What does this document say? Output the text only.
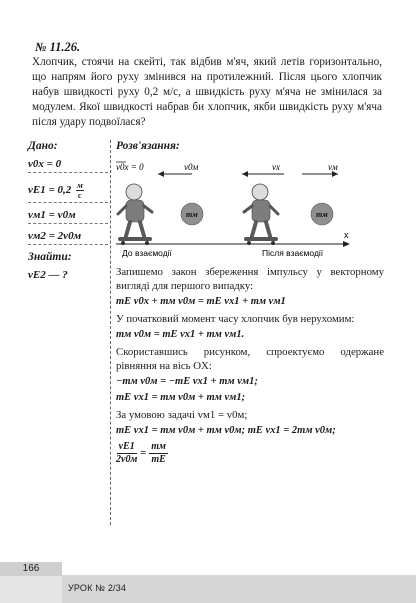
№ 11.26.
Хлопчик, стоячи на скейті, так відбив м'яч, який летів горизонтально, що напрям його руху змінився на протилежний. Після цього хлопчик набув швидкості руху 0,2 м/с, а швидкість руху м'яча не змінилася за модулем. Якої швидкості набрав би хлопчик, якби швидкість руху м'яча після удару подвоїлася?
Дано:
v0x = 0
$vE1 = 0,2 \frac{м}{с}$
vм1 = v0м
vм2 = 2v0м
Знайти:
vE2 — ?
Розв'язання:
v0x = 0	v0м	vx	vм
mм	mм
x
До взаємодії	Після взаємодії
Запишемо закон збереження імпульсу у векторному вигляді для першого випадку:
mE v0x + mм v0м = mE vx1 + mм vм1
У початковий момент часу хлопчик був нерухомим:
mм v0м = mE vx1 + mм vм1.
Скориставшись рисунком, спроектуємо одержане рівняння на вісь OX:
−mм v0м = −mE vx1 + mм vм1;
mE vx1 = mм v0м + mм vм1;
За умовою задачі vм1 = v0м;
mE vx1 = mм v0м + mм v0м; mE vx1 = 2mм v0м;
$\frac{vE1}{2v0м} = \frac{mм}{mE}$
166
УРОК № 2/34
